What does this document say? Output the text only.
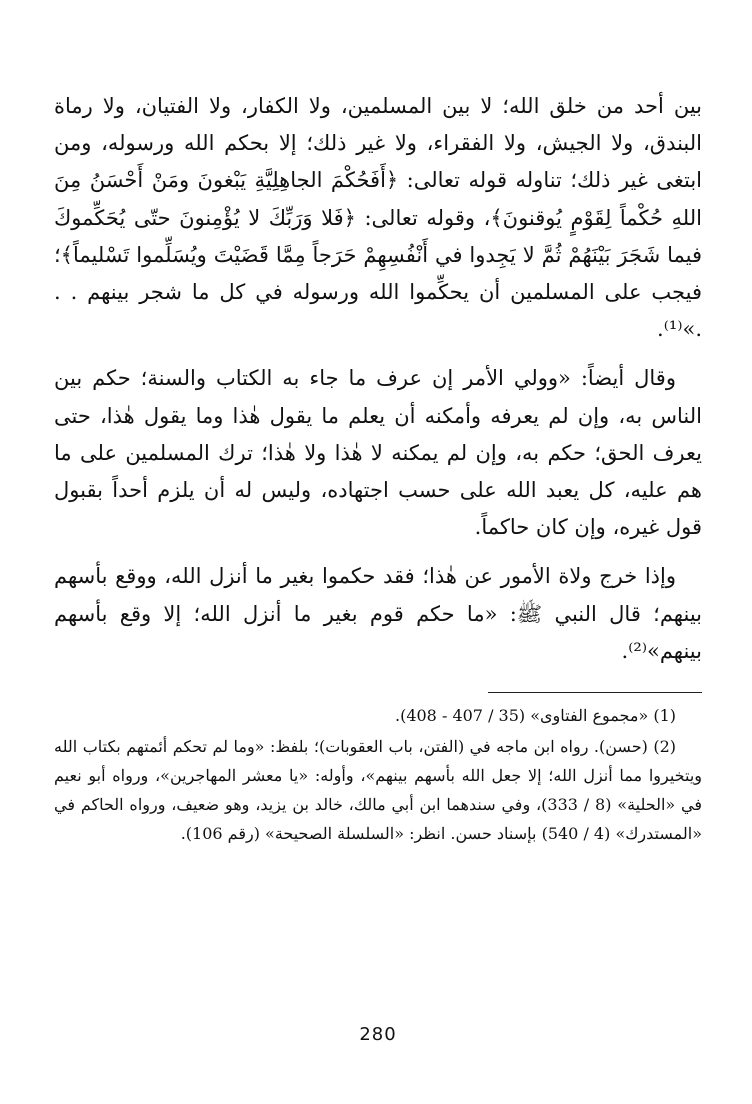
بين أحد من خلق الله؛ لا بين المسلمين، ولا الكفار، ولا الفتيان، ولا رماة البندق، ولا الجيش، ولا الفقراء، ولا غير ذلك؛ إلا بحكم الله ورسوله، ومن ابتغى غير ذلك؛ تناوله قوله تعالى: ﴿أَفَحُكْمَ الجاهِلِيَّةِ يَبْغونَ ومَنْ أَحْسَنُ مِنَ اللهِ حُكْماً لِقَوْمٍ يُوقنونَ﴾، وقوله تعالى: ﴿فَلا وَرَبِّكَ لا يُؤْمِنونَ حتّى يُحَكِّموكَ فيما شَجَرَ بَيْنَهُمْ ثُمَّ لا يَجِدوا في أَنْفُسِهِمْ حَرَجاً مِمَّا قَضَيْتَ ويُسَلِّموا تَسْليماً﴾؛ فيجب على المسلمين أن يحكِّموا الله ورسوله في كل ما شجر بينهم . . .»⁽¹⁾.

وقال أيضاً: «وولي الأمر إن عرف ما جاء به الكتاب والسنة؛ حكم بين الناس به، وإن لم يعرفه وأمكنه أن يعلم ما يقول هٰذا وما يقول هٰذا، حتى يعرف الحق؛ حكم به، وإن لم يمكنه لا هٰذا ولا هٰذا؛ ترك المسلمين على ما هم عليه، كل يعبد الله على حسب اجتهاده، وليس له أن يلزم أحداً بقبول قول غيره، وإن كان حاكماً.

وإذا خرج ولاة الأمور عن هٰذا؛ فقد حكموا بغير ما أنزل الله، ووقع بأسهم بينهم؛ قال النبي ﷺ: «ما حكم قوم بغير ما أنزل الله؛ إلا وقع بأسهم بينهم»⁽²⁾.

(1) «مجموع الفتاوى» (35 / 407 - 408).

(2) (حسن). رواه ابن ماجه في (الفتن، باب العقوبات)؛ بلفظ: «وما لم تحكم أئمتهم بكتاب الله ويتخيروا مما أنزل الله؛ إلا جعل الله بأسهم بينهم»، وأوله: «يا معشر المهاجرين»، ورواه أبو نعيم في «الحلية» (8 / 333)، وفي سندهما ابن أبي مالك، خالد بن يزيد، وهو ضعيف، ورواه الحاكم في «المستدرك» (4 / 540) بإسناد حسن. انظر: «السلسلة الصحيحة» (رقم 106).

280
